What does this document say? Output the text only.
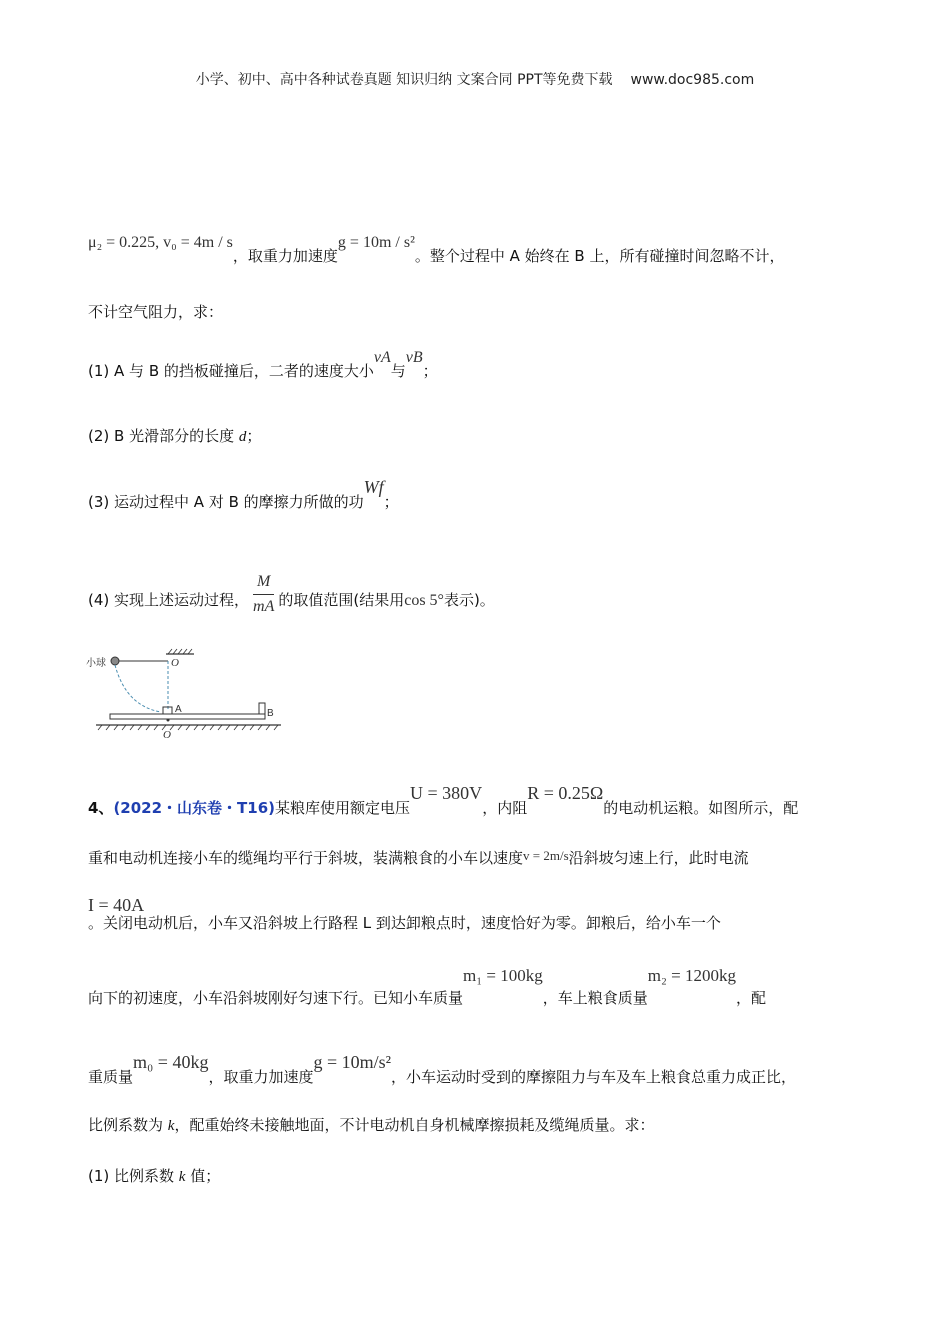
小学、初中、高中各种试卷真题 知识归纳 文案合同 PPT等免费下载 www.doc985.com
μ₂ = 0.225, v₀ = 4m / s，取重力加速度g = 10m / s²。整个过程中 A 始终在 B 上，所有碰撞时间忽略不计，
不计空气阻力，求：
(1) A 与 B 的挡板碰撞后，二者的速度大小vA与vB；
(2) B 光滑部分的长度 d；
(3) 运动过程中 A 对 B 的摩擦力所做的功Wf；
(4) 实现上述运动过程， $\frac{M}{mA}$ 的取值范围(结果用cos 5°表示)。
小球	O
A	B
O
4、(2022・山东卷・T16)某粮库使用额定电压U = 380V，内阻R = 0.25Ω的电动机运粮。如图所示，配
重和电动机连接小车的缆绳均平行于斜坡，装满粮食的小车以速度v = 2m/s沿斜坡匀速上行，此时电流
I = 40A
。关闭电动机后，小车又沿斜坡上行路程 L 到达卸粮点时，速度恰好为零。卸粮后，给小车一个
向下的初速度，小车沿斜坡刚好匀速下行。已知小车质量m₁ = 100kg，车上粮食质量m₂ = 1200kg，配
重质量m₀ = 40kg，取重力加速度g = 10m/s²，小车运动时受到的摩擦阻力与车及车上粮食总重力成正比，
比例系数为 k，配重始终未接触地面，不计电动机自身机械摩擦损耗及缆绳质量。求：
(1) 比例系数 k 值；
